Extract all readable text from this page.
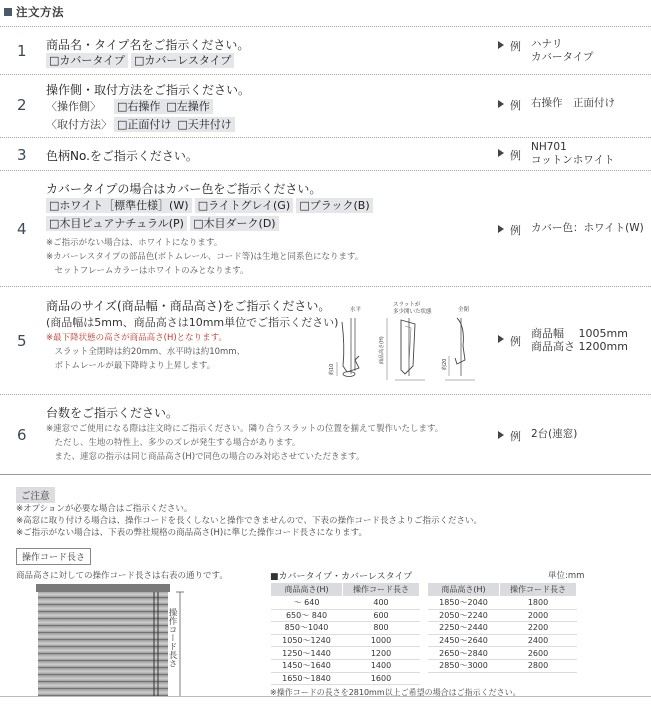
注文方法
1 商品名・タイプ名をご指示ください。
□カバータイプ □カバーレスタイプ
例 ハナリ
カバータイプ
2
操作側・取付方法をご指示ください。
〈操作側〉	□右操作 □左操作
〈取付方法〉 □正面付け □天井付け
例 右操作　正面付け
3 色柄No.をご指示ください。	例
NH701
コットンホワイト
4
カバータイプの場合はカバー色をご指示ください。
□ホワイト［標準仕様］(W) □ライトグレイ(G) □ブラック(B)
□木目ピュアナチュラル(P) □木目ダーク(D)
※ご指示がない場合は、ホワイトになります。
※カバーレスタイプの部品色(ボトムレール、コード等)は生地と同系色になります。
　セットフレームカラーはホワイトのみとなります。
例 カバー色：ホワイト(W)
5
商品のサイズ(商品幅・商品高さ)をご指示ください。
(商品幅は5mm、商品高さは10mm単位でご指示ください)
※最下降状態の高さが商品高さ(H)となります。
　スラット全閉時は約20mm、水平時は約10mm、
　ボトムレールが最下降時より上昇します。
水平
スラットが
多少開いた状態	全閉
約10
商品高さ(H)
約20
例
商品幅　 1005mm
商品高さ 1200mm
6
台数をご指示ください。
※連窓でご使用になる際は注文時にご指示ください。隣り合うスラットの位置を揃えて製作いたします。
　ただし、生地の特性上、多少のズレが発生する場合があります。
　また、連窓の指示は同じ商品高さ(H)で同色の場合のみ対応させていただきます。
例 2台(連窓)
ご注意
※オプションが必要な場合はご指示ください。
※高窓に取り付ける場合は、操作コードを長くしないと操作できませんので、下表の操作コード長さよりご指示ください。
※ご指示がない場合は、下表の弊社規格の商品高さ(H)に準じた操作コード長さになります。
操作コード長さ
商品高さに対しての操作コード長さは右表の通りです。
操作コード長さ
■カバータイプ・カバーレスタイプ	単位:mm
商品高さ(H)	操作コード長さ
～ 640	400
650～ 840	600
850～1040	800
1050～1240	1000
1250～1440	1200
1450～1640	1400
1650～1840	1600
商品高さ(H)	操作コード長さ
1850～2040	1800
2050～2240	2000
2250～2440	2200
2450～2640	2400
2650～2840	2600
2850～3000	2800
※操作コードの長さを2810mm以上ご希望の場合はご指示ください。
